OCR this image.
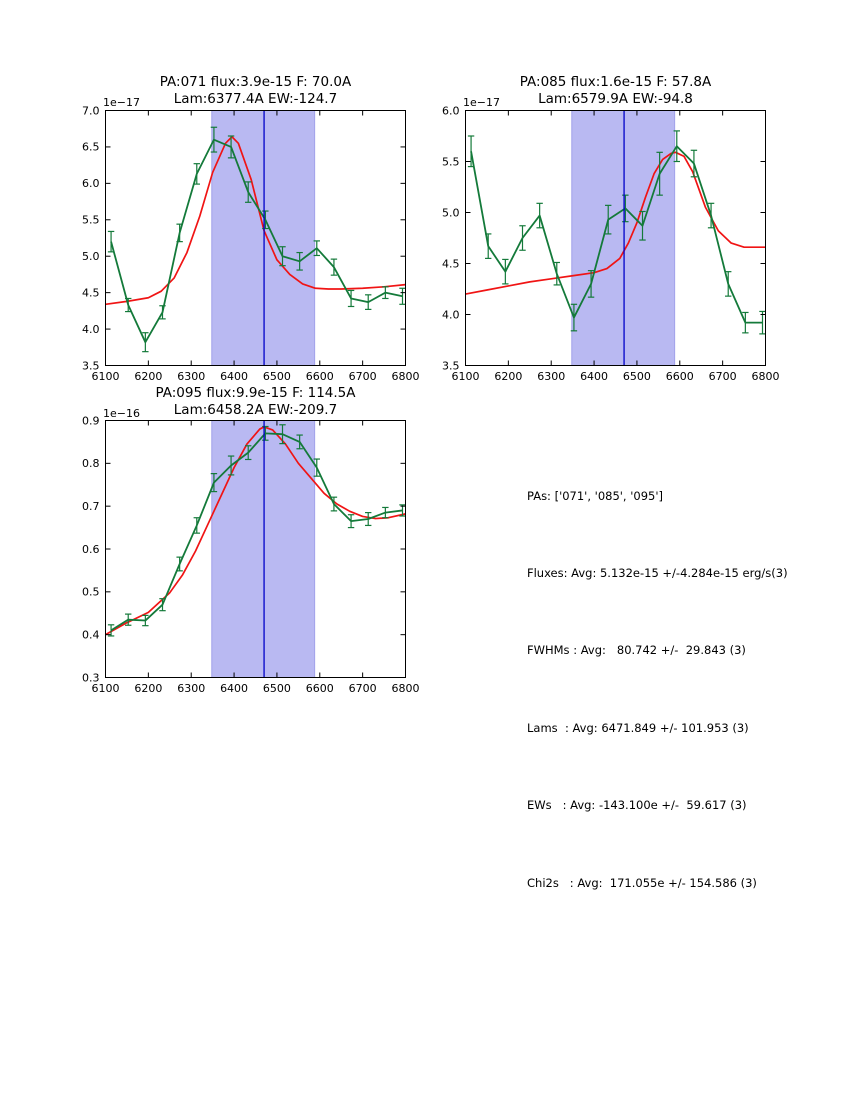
6100 6200 6300 6400 6500 6600 6700 6800
3.5
4.0
4.5
5.0
5.5
6.0
6.5
7.0
6100 6200 6300 6400 6500 6600 6700 6800
3.5
4.0
4.5
5.0
5.5
6.0
6100 6200 6300 6400 6500 6600 6700 6800
0.3
0.4
0.5
0.6
0.7
0.8
0.9
PA:071 flux:3.9e-15 F: 70.0A
Lam:6377.4A EW:-124.7
1e−17
PA:085 flux:1.6e-15 F: 57.8A
Lam:6579.9A EW:-94.8
1e−17
PA:095 flux:9.9e-15 F: 114.5A
Lam:6458.2A EW:-209.7
1e−16

PAs: ['071', '085', '095']

Fluxes: Avg: 5.132e-15 +/-4.284e-15 erg/s(3)

FWHMs : Avg:   80.742 +/-  29.843 (3)

Lams  : Avg: 6471.849 +/- 101.953 (3)

EWs   : Avg: -143.100e +/-  59.617 (3)

Chi2s   : Avg:  171.055e +/- 154.586 (3)
